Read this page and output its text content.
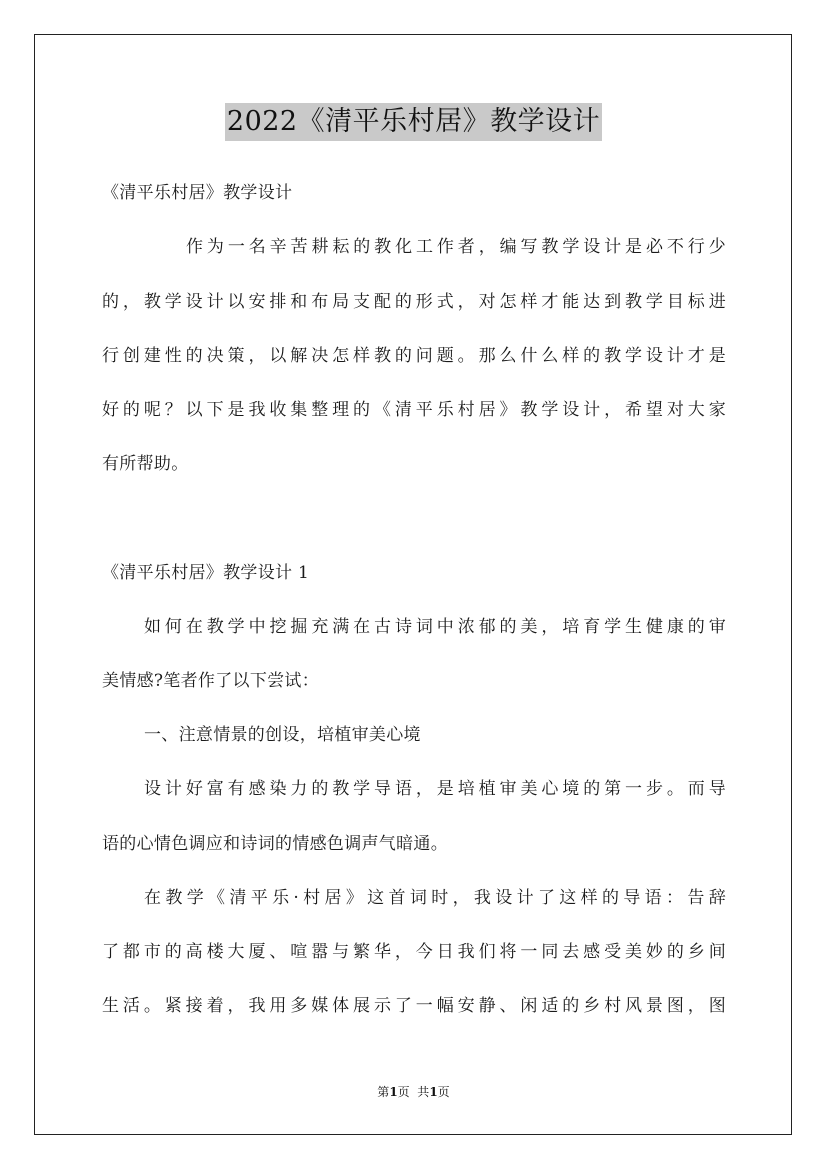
2022《清平乐村居》教学设计
《清平乐村居》教学设计
作为一名辛苦耕耘的教化工作者，编写教学设计是必不行少
的，教学设计以安排和布局支配的形式，对怎样才能达到教学目标进
行创建性的决策，以解决怎样教的问题。那么什么样的教学设计才是
好的呢？以下是我收集整理的《清平乐村居》教学设计，希望对大家
有所帮助。
《清平乐村居》教学设计 1
如何在教学中挖掘充满在古诗词中浓郁的美，培育学生健康的审
美情感?笔者作了以下尝试：
一、注意情景的创设，培植审美心境
设计好富有感染力的教学导语，是培植审美心境的第一步。而导
语的心情色调应和诗词的情感色调声气暗通。
在教学《清平乐·村居》这首词时，我设计了这样的导语：告辞
了都市的高楼大厦、喧嚣与繁华，今日我们将一同去感受美妙的乡间
生活。紧接着，我用多媒体展示了一幅安静、闲适的乡村风景图，图
第1页  共1页
